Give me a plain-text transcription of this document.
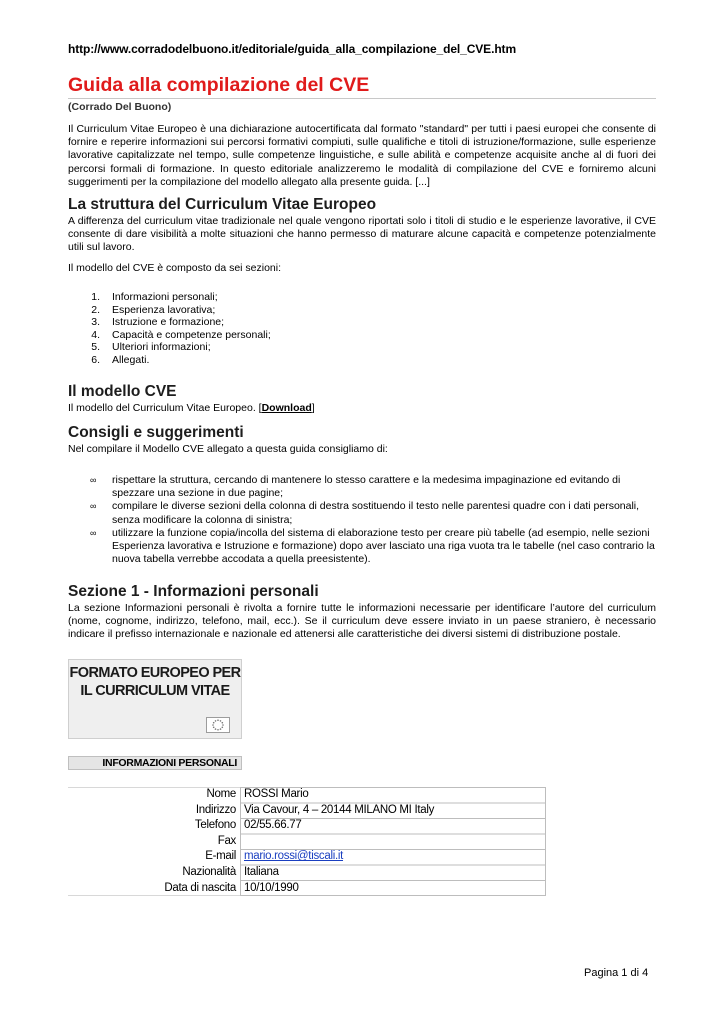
http://www.corradodelbuono.it/editoriale/guida_alla_compilazione_del_CVE.htm
Guida alla compilazione del CVE
(Corrado Del Buono)

Il Curriculum Vitae Europeo è una dichiarazione autocertificata dal formato "standard" per tutti i paesi europei che consente di fornire e reperire informazioni sui percorsi formativi compiuti, sulle qualifiche e titoli di istruzione/formazione, sulle esperienze lavorative capitalizzate nel tempo, sulle competenze linguistiche, e sulle abilità e competenze acquisite anche al di fuori dei percorsi formali di formazione. In questo editoriale analizzeremo le modalità di compilazione del CVE e forniremo alcuni suggerimenti per la compilazione del modello allegato alla presente guida. [...]

La struttura del Curriculum Vitae Europeo

A differenza del curriculum vitae tradizionale nel quale vengono riportati solo i titoli di studio e le esperienze lavorative, il CVE consente di dare visibilità a molte situazioni che hanno permesso di maturare alcune capacità e competenze potenzialmente utili sul lavoro.

Il modello del CVE è composto da sei sezioni:

1. Informazioni personali;
2. Esperienza lavorativa;
3. Istruzione e formazione;
4. Capacità e competenze personali;
5. Ulteriori informazioni;
6. Allegati.
Il modello CVE

Il modello del Curriculum Vitae Europeo. [Download]

Consigli e suggerimenti

Nel compilare il Modello CVE allegato a questa guida consigliamo di:

∞ rispettare la struttura, cercando di mantenere lo stesso carattere e la medesima impaginazione ed evitando di spezzare una sezione in due pagine;
∞ compilare le diverse sezioni della colonna di destra sostituendo il testo nelle parentesi quadre con i dati personali, senza modificare la colonna di sinistra;
∞ utilizzare la funzione copia/incolla del sistema di elaborazione testo per creare più tabelle (ad esempio, nelle sezioni Esperienza lavorativa e Istruzione e formazione) dopo aver lasciato una riga vuota tra le tabelle (nel caso contrario la nuova tabella verrebbe accodata a quella preesistente).
Sezione 1 - Informazioni personali

La sezione Informazioni personali è rivolta a fornire tutte le informazioni necessarie per identificare l’autore del curriculum (nome, cognome, indirizzo, telefono, mail, ecc.). Se il curriculum deve essere inviato in un paese straniero, è necessario indicare il prefisso internazionale e nazionale ed attenersi alle caratteristiche dei diversi sistemi di distribuzione postale.

FORMATO EUROPEO PER
IL CURRICULUM VITAE
INFORMAZIONI PERSONALI
Nome ROSSI Mario
Indirizzo Via Cavour, 4 – 20144 MILANO MI Italy
Telefono 02/55.66.77
Fax
E-mail mario.rossi@tiscali.it
Nazionalità Italiana
Data di nascita 10/10/1990
Pagina 1 di 4
